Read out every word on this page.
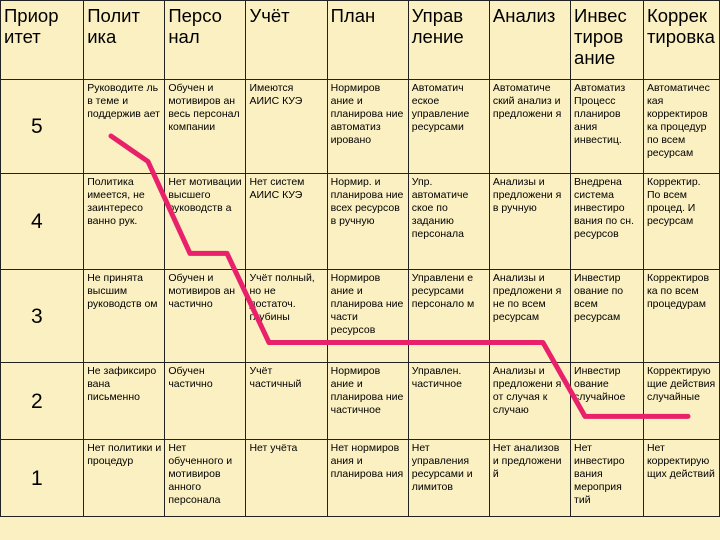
Приор итет	Полит ика	Персо нал	Учёт	План	Управ ление	Анализ	Инвес тиров ание	Коррек тировка
5	Руководите ль в теме и поддержив ает	Обучен и мотивиров ан весь персонал компании	Имеются АИИС КУЭ	Нормиров ание и планирова ние автоматиз ировано	Автоматич еское управление ресурсами	Автоматиче ский анализ и предложени я	Автоматиз Процесс планиров ания инвестиц.	Автоматичес кая корректиров ка процедур по всем ресурсам
4	Политика имеется, не заинтересо ванно рук.	Нет мотивации высшего руководств а	Нет систем АИИС КУЭ	Нормир. и планирова ние всех ресурсов в ручную	Упр. автоматиче ское по заданию персонала	Анализы и предложени я в ручную	Внедрена система инвестиро вания по сн. ресурсов	Корректир. По всем процед. И ресурсам
3	Не принята высшим руководств ом	Обучен и мотивиров ан частично	Учёт полный, но не достаточ. глубины	Нормиров ание и планирова ние части ресурсов	Управлени е ресурсами персонало м	Анализы и предложени я не по всем ресурсам	Инвестир ование по всем ресурсам	Корректиров ка по всем процедурам
2	Не зафиксиро вана письменно	Обучен частично	Учёт частичный	Нормиров ание и планирова ние частичное	Управлен. частичное	Анализы и предложени я от случая к случаю	Инвестир ование случайное	Корректирую щие действия случайные
1	Нет политики и процедур	Нет обученного и мотивиров анного персонала	Нет учёта	Нет нормиров ания и планирова ния	Нет управления ресурсами и лимитов	Нет анализов и предложени й	Нет инвестиро вания мероприя тий	Нет корректирую щих действий
